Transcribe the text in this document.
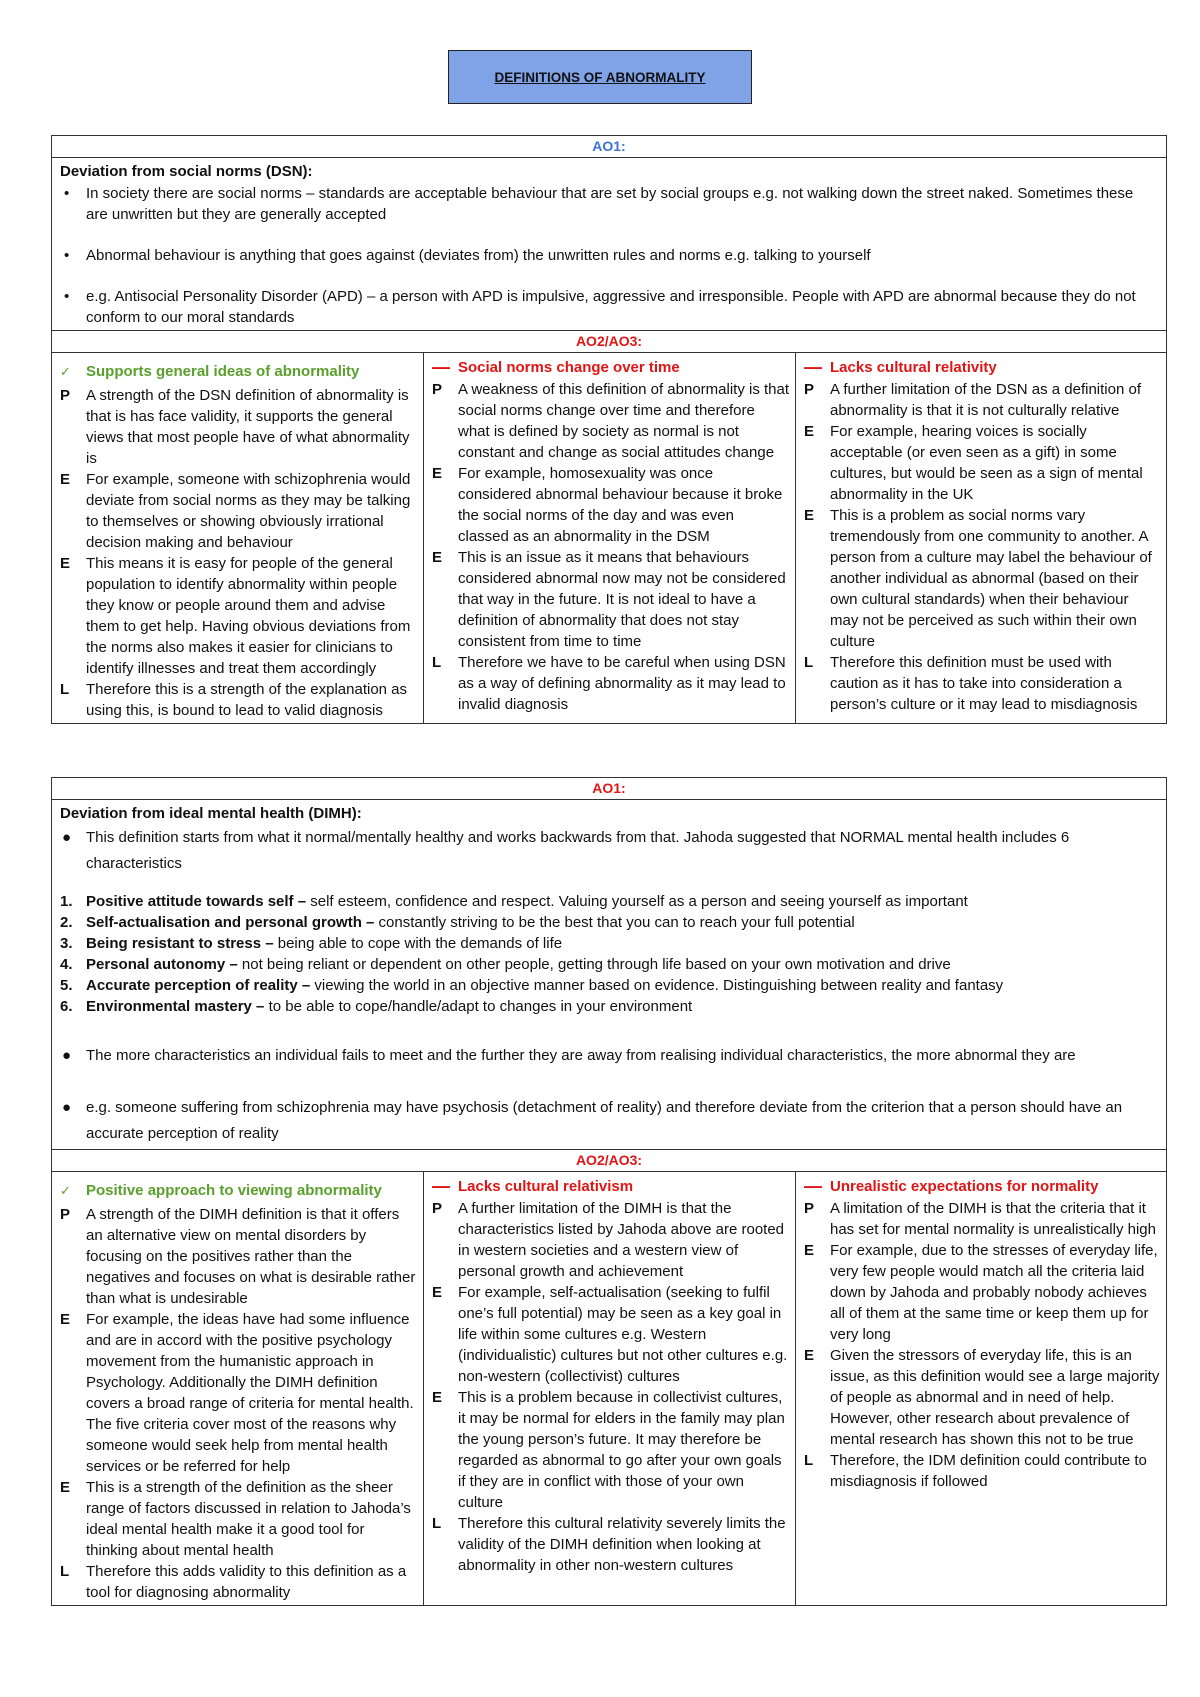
DEFINITIONS OF ABNORMALITY
AO1:

Deviation from social norms (DSN):
• In society there are social norms – standards are acceptable behaviour that are set by social groups e.g. not walking down the street naked. Sometimes these are unwritten but they are generally accepted
• Abnormal behaviour is anything that goes against (deviates from) the unwritten rules and norms e.g. talking to yourself
• e.g. Antisocial Personality Disorder (APD) – a person with APD is impulsive, aggressive and irresponsible. People with APD are abnormal because they do not conform to our moral standards

AO2/AO3:

✓	Supports general ideas of abnormality
P	A strength of the DSN definition of abnormality is that is has face validity, it supports the general views that most people have of what abnormality is
E	For example, someone with schizophrenia would deviate from social norms as they may be talking to themselves or showing obviously irrational decision making and behaviour
E	This means it is easy for people of the general population to identify abnormality within people they know or people around them and advise them to get help. Having obvious deviations from the norms also makes it easier for clinicians to identify illnesses and treat them accordingly
L	Therefore this is a strength of the explanation as using this, is bound to lead to valid diagnosis

— Social norms change over time
P	A weakness of this definition of abnormality is that social norms change over time and therefore what is defined by society as normal is not constant and change as social attitudes change
E	For example, homosexuality was once considered abnormal behaviour because it broke the social norms of the day and was even classed as an abnormality in the DSM
E	This is an issue as it means that behaviours considered abnormal now may not be considered that way in the future. It is not ideal to have a definition of abnormality that does not stay consistent from time to time
L	Therefore we have to be careful when using DSN as a way of defining abnormality as it may lead to invalid diagnosis

— Lacks cultural relativity
P	A further limitation of the DSN as a definition of abnormality is that it is not culturally relative
E	For example, hearing voices is socially acceptable (or even seen as a gift) in some cultures, but would be seen as a sign of mental abnormality in the UK
E	This is a problem as social norms vary tremendously from one community to another. A person from a culture may label the behaviour of another individual as abnormal (based on their own cultural standards) when their behaviour may not be perceived as such within their own culture
L	Therefore this definition must be used with caution as it has to take into consideration a person’s culture or it may lead to misdiagnosis
AO1:

Deviation from ideal mental health (DIMH):
● This definition starts from what it normal/mentally healthy and works backwards from that. Jahoda suggested that NORMAL mental health includes 6 characteristics
1. Positive attitude towards self – self esteem, confidence and respect. Valuing yourself as a person and seeing yourself as important
2. Self-actualisation and personal growth – constantly striving to be the best that you can to reach your full potential
3. Being resistant to stress – being able to cope with the demands of life
4. Personal autonomy – not being reliant or dependent on other people, getting through life based on your own motivation and drive
5. Accurate perception of reality – viewing the world in an objective manner based on evidence. Distinguishing between reality and fantasy
6. Environmental mastery – to be able to cope/handle/adapt to changes in your environment
● The more characteristics an individual fails to meet and the further they are away from realising individual characteristics, the more abnormal they are
● e.g. someone suffering from schizophrenia may have psychosis (detachment of reality) and therefore deviate from the criterion that a person should have an accurate perception of reality

AO2/AO3:

✓	Positive approach to viewing abnormality
P	A strength of the DIMH definition is that it offers an alternative view on mental disorders by focusing on the positives rather than the negatives and focuses on what is desirable rather than what is undesirable
E	For example, the ideas have had some influence and are in accord with the positive psychology movement from the humanistic approach in Psychology. Additionally the DIMH definition covers a broad range of criteria for mental health. The five criteria cover most of the reasons why someone would seek help from mental health services or be referred for help
E	This is a strength of the definition as the sheer range of factors discussed in relation to Jahoda’s ideal mental health make it a good tool for thinking about mental health
L	Therefore this adds validity to this definition as a tool for diagnosing abnormality

— Lacks cultural relativism
P	A further limitation of the DIMH is that the characteristics listed by Jahoda above are rooted in western societies and a western view of personal growth and achievement
E	For example, self-actualisation (seeking to fulfil one’s full potential) may be seen as a key goal in life within some cultures e.g. Western (individualistic) cultures but not other cultures e.g. non-western (collectivist) cultures
E	This is a problem because in collectivist cultures, it may be normal for elders in the family may plan the young person’s future. It may therefore be regarded as abnormal to go after your own goals if they are in conflict with those of your own culture
L	Therefore this cultural relativity severely limits the validity of the DIMH definition when looking at abnormality in other non-western cultures

— Unrealistic expectations for normality
P	A limitation of the DIMH is that the criteria that it has set for mental normality is unrealistically high
E	For example, due to the stresses of everyday life, very few people would match all the criteria laid down by Jahoda and probably nobody achieves all of them at the same time or keep them up for very long
E	Given the stressors of everyday life, this is an issue, as this definition would see a large majority of people as abnormal and in need of help. However, other research about prevalence of mental research has shown this not to be true
L	Therefore, the IDM definition could contribute to misdiagnosis if followed
